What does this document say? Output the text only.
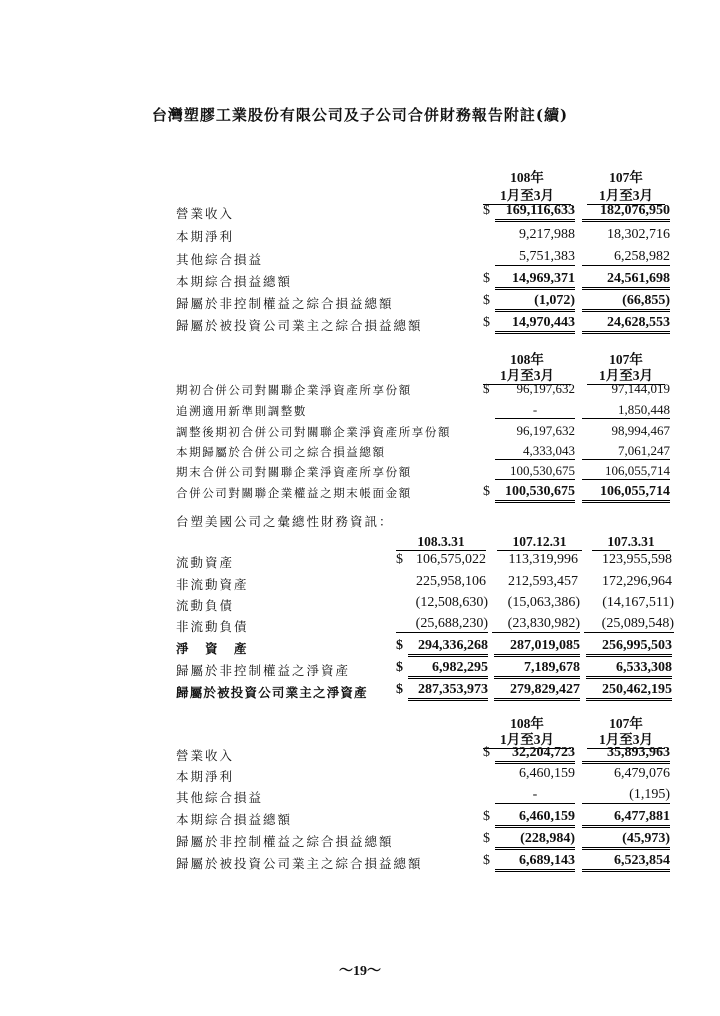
台灣塑膠工業股份有限公司及子公司合併財務報告附註(續)
108年
1月至3月
107年
1月至3月
營業收入	$	169,116,633	182,076,950
本期淨利	9,217,988	18,302,716
其他綜合損益	5,751,383	6,258,982
本期綜合損益總額	$	14,969,371	24,561,698
歸屬於非控制權益之綜合損益總額	$	(1,072)	(66,855)
歸屬於被投資公司業主之綜合損益總額	$	14,970,443	24,628,553
108年
1月至3月
107年
1月至3月
期初合併公司對關聯企業淨資產所享份額	$	96,197,632	97,144,019
追溯適用新準則調整數	-	1,850,448
調整後期初合併公司對關聯企業淨資產所享份額	96,197,632	98,994,467
本期歸屬於合併公司之綜合損益總額	4,333,043	7,061,247
期末合併公司對關聯企業淨資產所享份額	100,530,675	106,055,714
合併公司對關聯企業權益之期末帳面金額	$	100,530,675	106,055,714
台塑美國公司之彙總性財務資訊：
108.3.31	107.12.31	107.3.31
流動資產	$ 106,575,022	113,319,996	123,955,598
非流動資產	225,958,106	212,593,457	172,296,964
流動負債	(12,508,630)	(15,063,386)	(14,167,511)
非流動負債	(25,688,230)	(23,830,982)	(25,089,548)
淨　資　產	$	294,336,268	287,019,085	256,995,503
歸屬於非控制權益之淨資產	$	6,982,295	7,189,678	6,533,308
歸屬於被投資公司業主之淨資產 $	287,353,973	279,829,427	250,462,195
108年
1月至3月
107年
1月至3月
營業收入	$	32,204,723	35,893,963
本期淨利	6,460,159	6,479,076
其他綜合損益	-	(1,195)
本期綜合損益總額	$	6,460,159	6,477,881
歸屬於非控制權益之綜合損益總額	$	(228,984)	(45,973)
歸屬於被投資公司業主之綜合損益總額	$	6,689,143	6,523,854
～19～
